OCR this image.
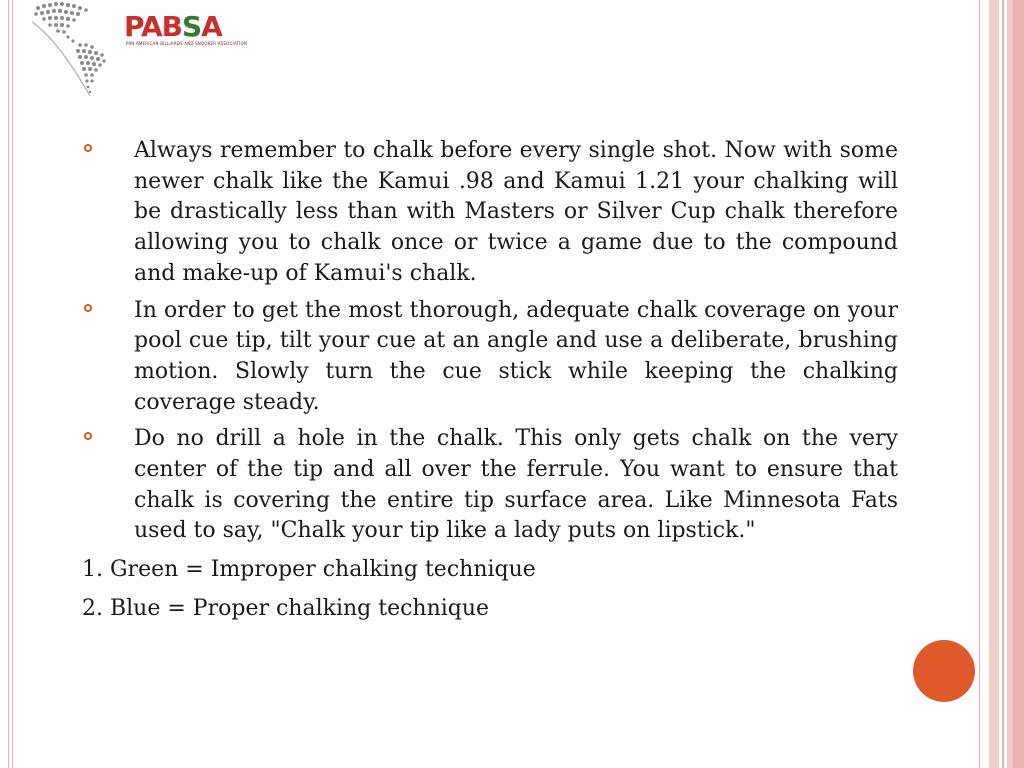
PABSA
PAN AMERICAN BILLIARDS AND SNOOKER ASSOCIATION
Always remember to chalk before every single shot. Now with some newer chalk like the Kamui .98 and Kamui 1.21 your chalking will be drastically less than with Masters or Silver Cup chalk therefore allowing you to chalk once or twice a game due to the compound and make-up of Kamui's chalk.
In order to get the most thorough, adequate chalk coverage on your pool cue tip, tilt your cue at an angle and use a deliberate, brushing motion. Slowly turn the cue stick while keeping the chalking coverage steady.
Do no drill a hole in the chalk. This only gets chalk on the very center of the tip and all over the ferrule. You want to ensure that chalk is covering the entire tip surface area. Like Minnesota Fats used to say, "Chalk your tip like a lady puts on lipstick."
1. Green = Improper chalking technique
2. Blue = Proper chalking technique
